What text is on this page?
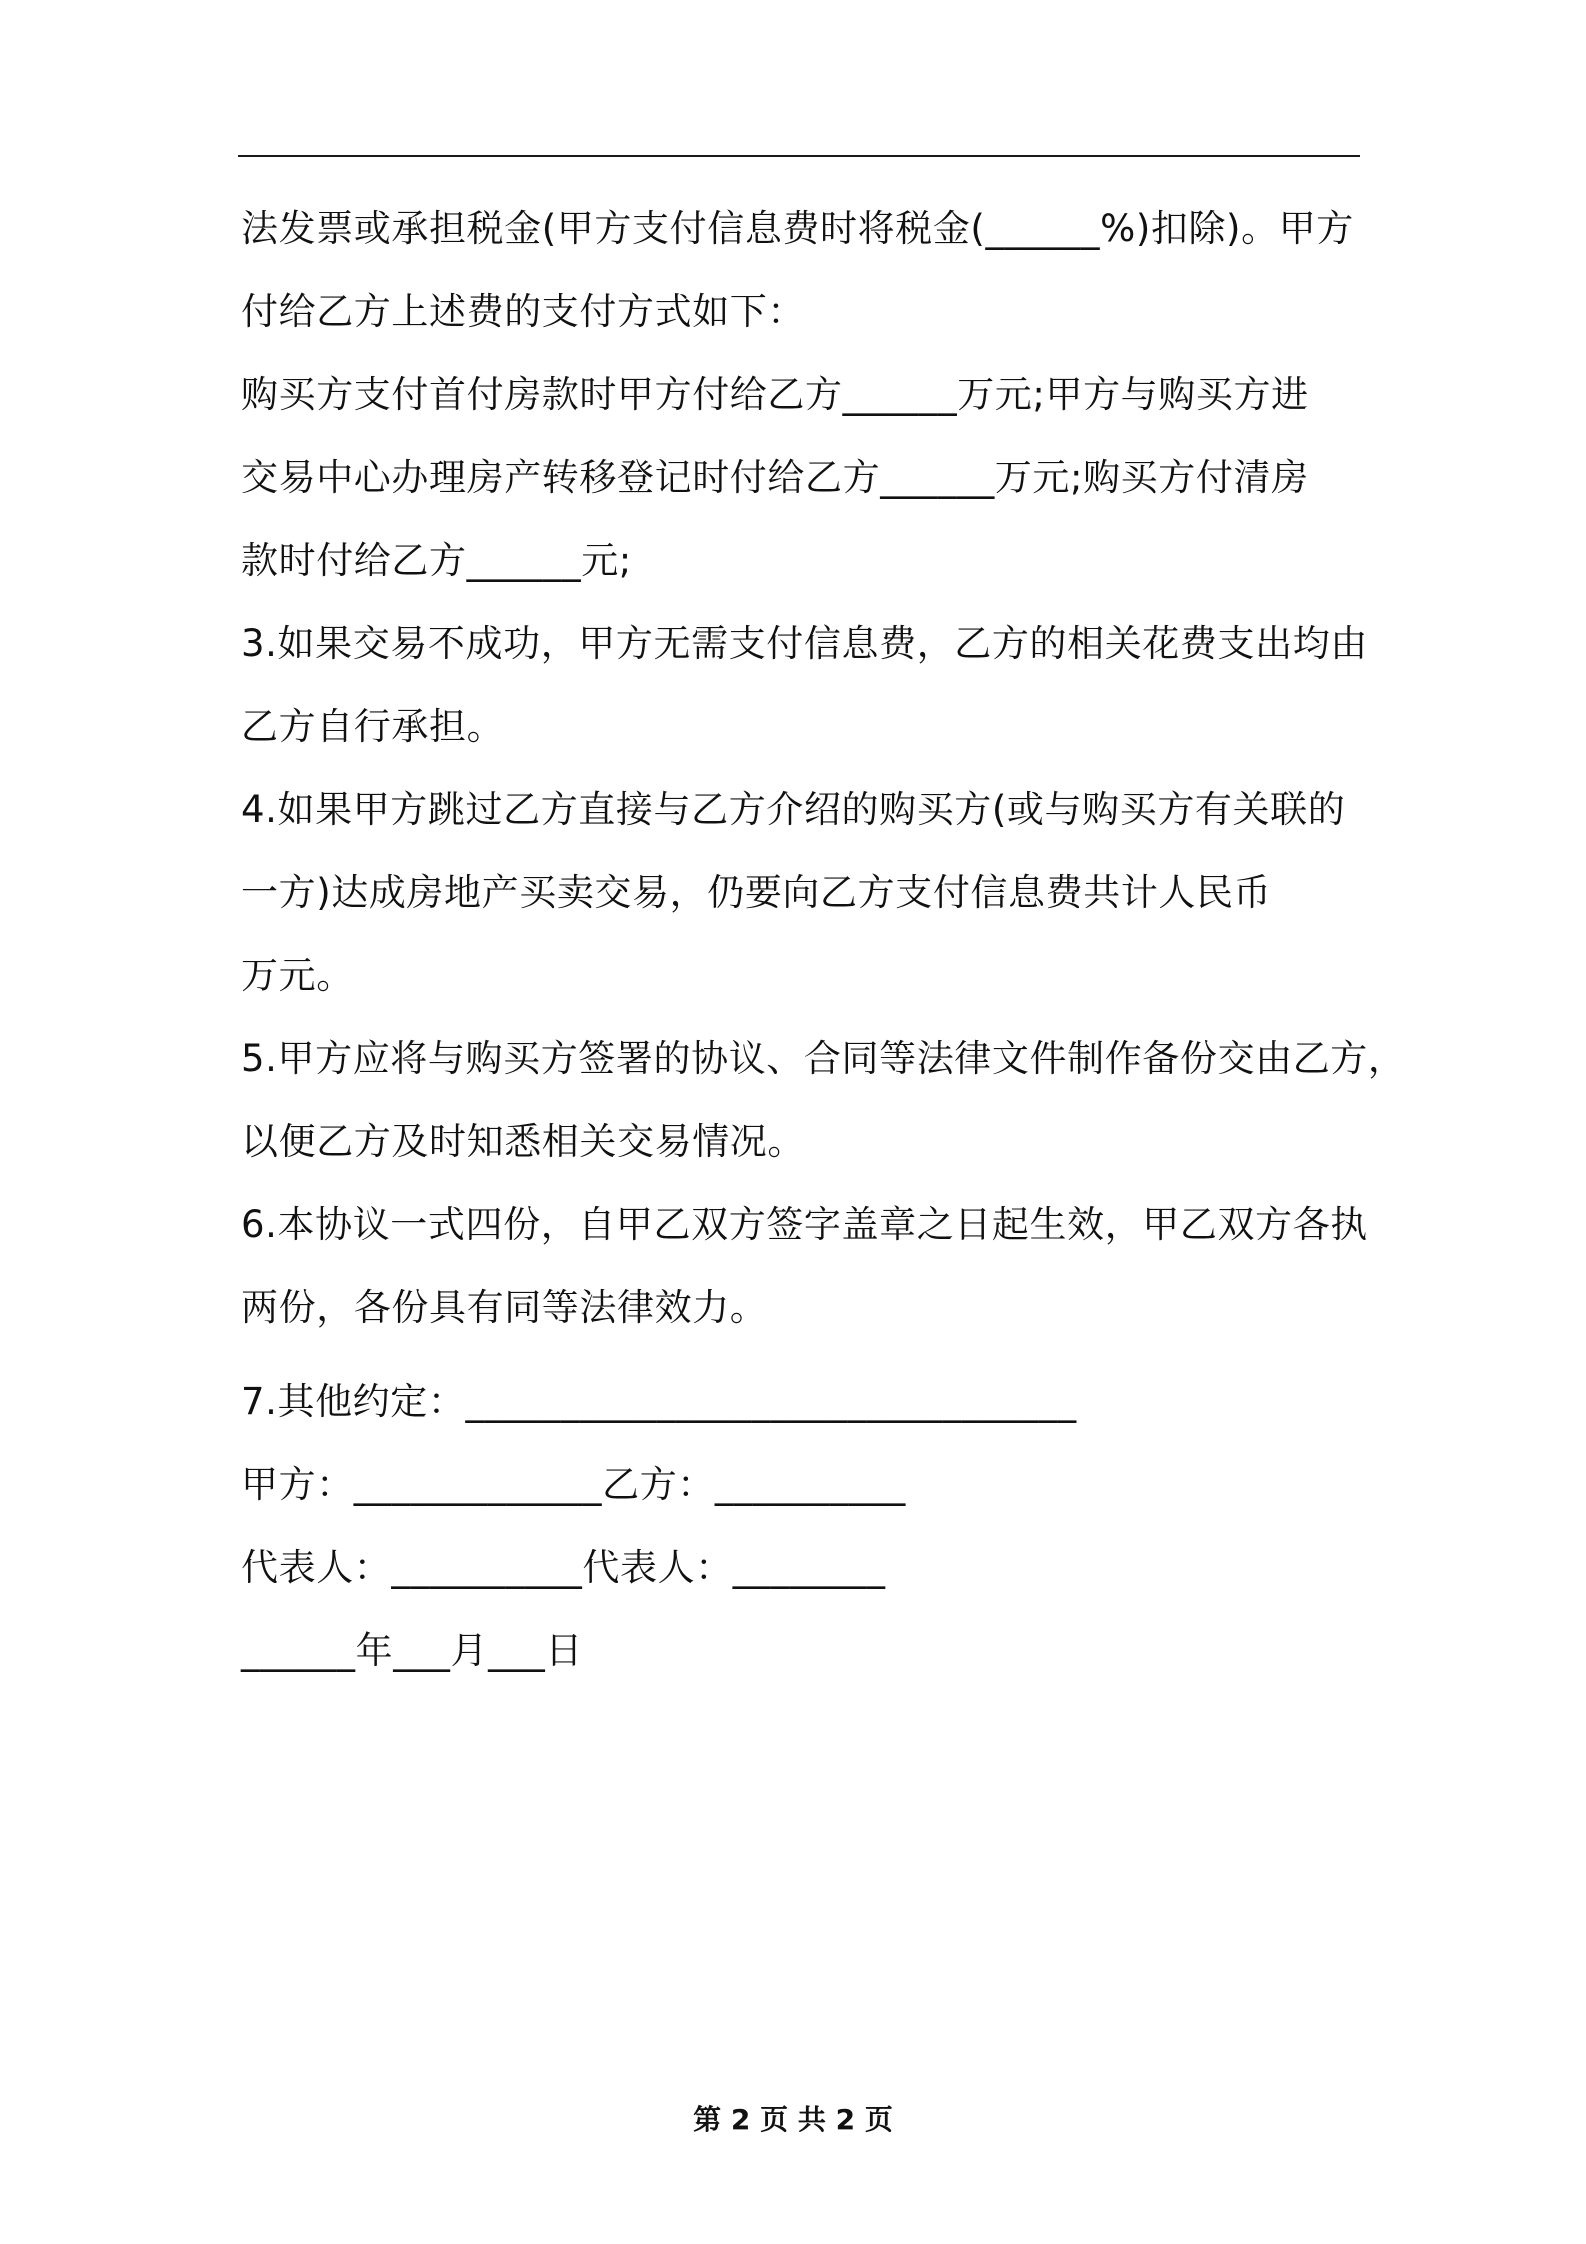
法发票或承担税金(甲方支付信息费时将税金(______%)扣除)。甲方
付给乙方上述费的支付方式如下：
购买方支付首付房款时甲方付给乙方______万元;甲方与购买方进
交易中心办理房产转移登记时付给乙方______万元;购买方付清房
款时付给乙方______元;
3.如果交易不成功，甲方无需支付信息费，乙方的相关花费支出均由
乙方自行承担。
4.如果甲方跳过乙方直接与乙方介绍的购买方(或与购买方有关联的
一方)达成房地产买卖交易，仍要向乙方支付信息费共计人民币
万元。
5.甲方应将与购买方签署的协议、合同等法律文件制作备份交由乙方，
以便乙方及时知悉相关交易情况。
6.本协议一式四份，自甲乙双方签字盖章之日起生效，甲乙双方各执
两份，各份具有同等法律效力。
7.其他约定：________________________________
甲方：_____________乙方：__________
代表人：__________代表人：________
______年___月___日
第 2 页 共 2 页
